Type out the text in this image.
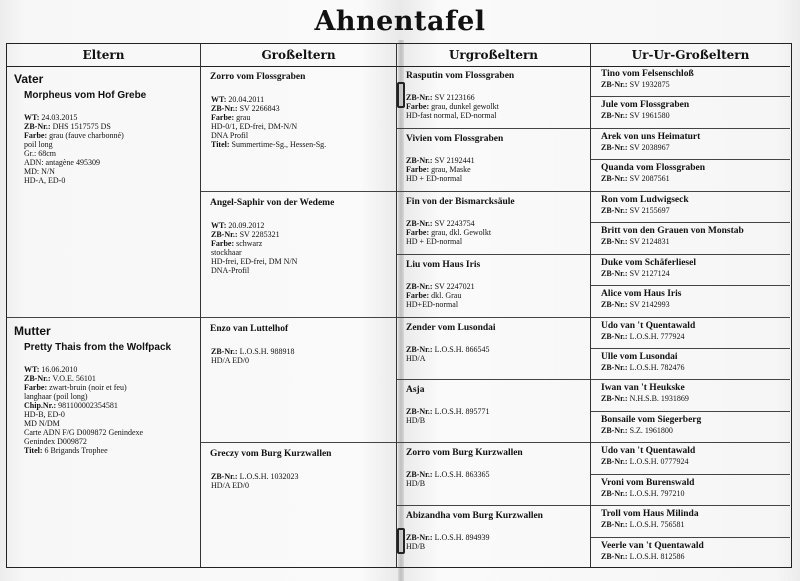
Ahnentafel
Eltern
Vater
Morpheus vom Hof Grebe
WT: 24.03.2015
ZB-Nr.: DHS 1517575 DS
Farbe: grau (fauve charbonné)
poil long
Gr.: 68cm
ADN: antagène 495309
MD: N/N
HD-A, ED-0
Mutter
Pretty Thais from the Wolfpack
WT: 16.06.2010
ZB-Nr.: V.O.E. 56101
Farbe: zwart-bruin (noir et feu)
langhaar (poil long)
Chip.Nr.: 981100002354581
HD-B, ED-0
MD N/DM
Carte ADN F/G D009872 Genindexe
Genindex D009872
Titel: 6 Brigands Trophee
Großeltern
Zorro vom Flossgraben
WT: 20.04.2011
ZB-Nr.: SV 2266843
Farbe: grau
HD-0/1, ED-frei, DM-N/N
DNA Profil
Titel: Summertime-Sg., Hessen-Sg.
Angel-Saphir von der Wedeme
WT: 20.09.2012
ZB-Nr.: SV 2285321
Farbe: schwarz
stockhaar
HD-frei, ED-frei, DM N/N
DNA-Profil
Enzo van Luttelhof
ZB-Nr.: L.O.S.H. 988918
HD/A ED/0
Greczy vom Burg Kurzwallen
ZB-Nr.: L.O.S.H. 1032023
HD/A ED/0
Urgroßeltern
Rasputin vom Flossgraben
ZB-Nr.: SV 2123166
Farbe: grau, dunkel gewolkt
HD-fast normal, ED-normal
Vivien vom Flossgraben
ZB-Nr.: SV 2192441
Farbe: grau, Maske
HD + ED-normal
Fin von der Bismarcksäule
ZB-Nr.: SV 2243754
Farbe: grau, dkl. Gewolkt
HD + ED-normal
Liu vom Haus Iris
ZB-Nr.: SV 2247021
Farbe: dkl. Grau
HD+ED-normal
Zender vom Lusondai
ZB-Nr.: L.O.S.H. 866545
HD/A
Asja
ZB-Nr.: L.O.S.H. 895771
HD/B
Zorro vom Burg Kurzwallen
ZB-Nr.: L.O.S.H. 863365
HD/B
Abizandha vom Burg Kurzwallen
ZB-Nr.: L.O.S.H. 894939
HD/B
Ur-Ur-Großeltern
Tino vom Felsenschloß
ZB-Nr.: SV 1932875
Jule vom Flossgraben
ZB-Nr.: SV 1961580
Arek von uns Heimaturt
ZB-Nr.: SV 2038967
Quanda vom Flossgraben
ZB-Nr.: SV 2087561
Ron vom Ludwigseck
ZB-Nr.: SV 2155697
Britt von den Grauen von Monstab
ZB-Nr.: SV 2124831
Duke vom Schäferliesel
ZB-Nr.: SV 2127124
Alice vom Haus Iris
ZB-Nr.: SV 2142993
Udo van 't Quentawald
ZB-Nr.: L.O.S.H. 777924
Ulle vom Lusondai
ZB-Nr.: L.O.S.H. 782476
Iwan van 't Heukske
ZB-Nr.: N.H.S.B. 1931869
Bonsaile vom Siegerberg
ZB-Nr.: S.Z. 1961800
Udo van 't Quentawald
ZB-Nr.: L.O.S.H. 0777924
Vroni vom Burenswald
ZB-Nr.: L.O.S.H. 797210
Troll vom Haus Milinda
ZB-Nr.: L.O.S.H. 756581
Veerle van 't Quentawald
ZB-Nr.: L.O.S.H. 812586
